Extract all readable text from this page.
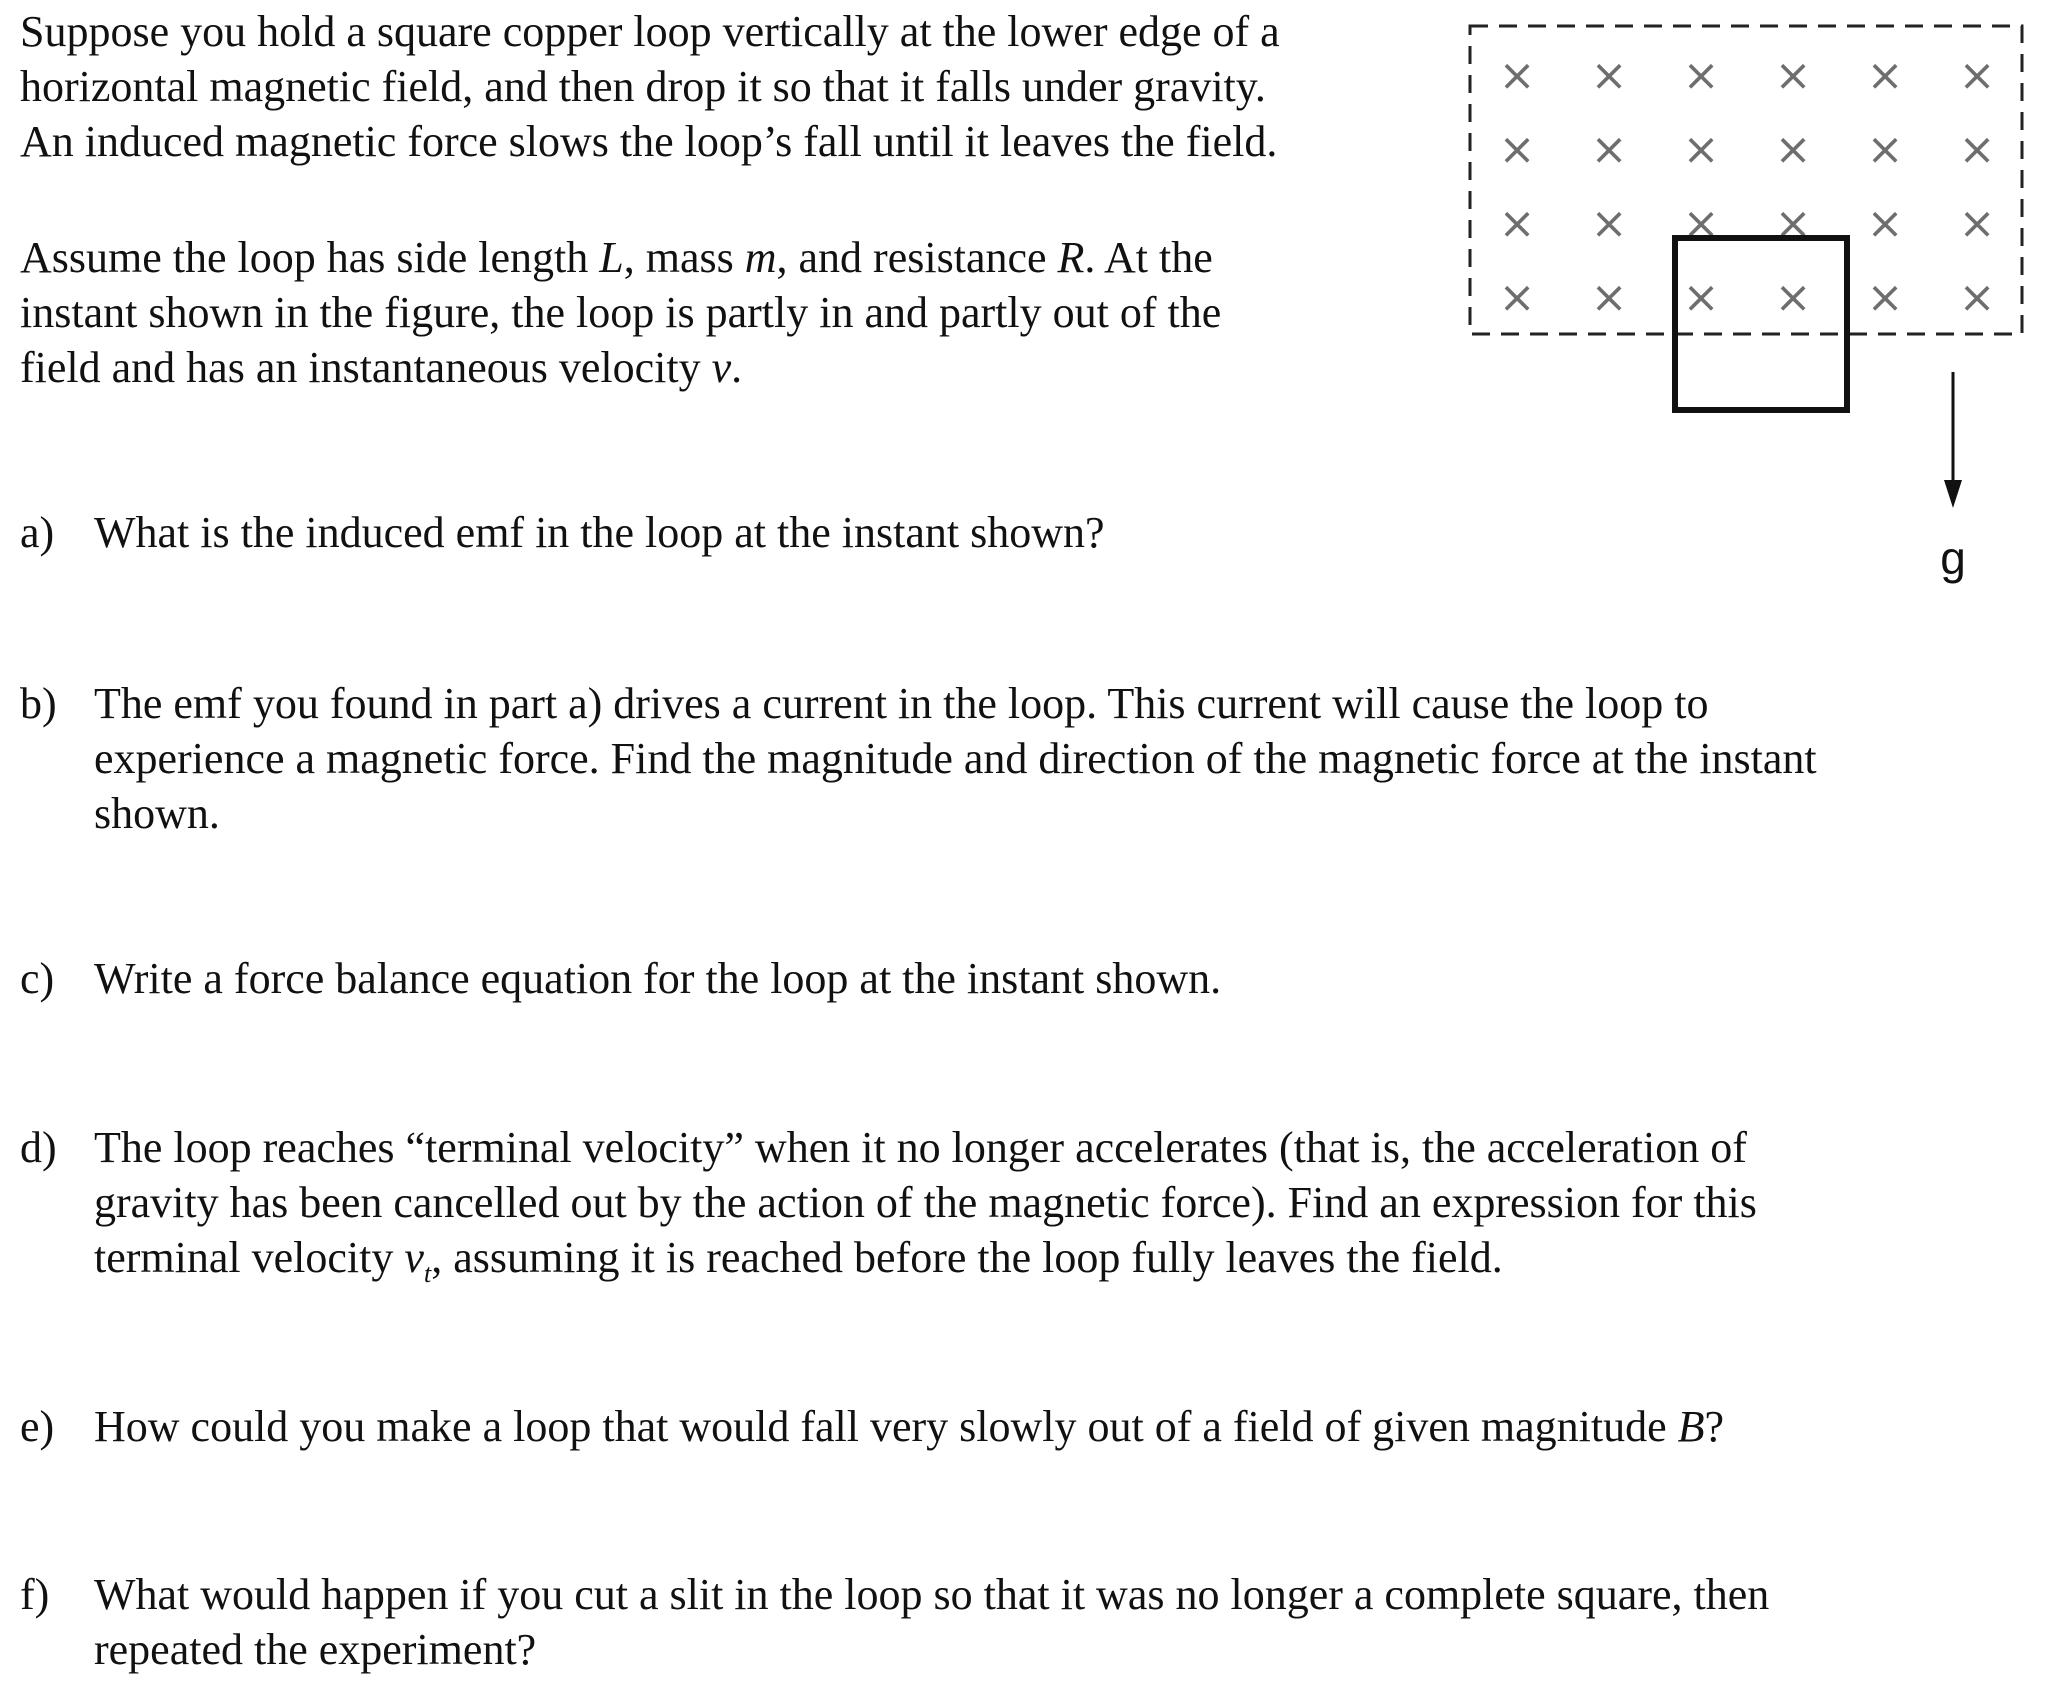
Suppose you hold a square copper loop vertically at the lower edge of a
horizontal magnetic field, and then drop it so that it falls under gravity.
An induced magnetic force slows the loop’s fall until it leaves the field.

Assume the loop has side length L, mass m, and resistance R. At the
instant shown in the figure, the loop is partly in and partly out of the
field and has an instantaneous velocity v.

a) What is the induced emf in the loop at the instant shown?
b) The emf you found in part a) drives a current in the loop. This current will cause the loop to
experience a magnetic force. Find the magnitude and direction of the magnetic force at the instant
shown.
c) Write a force balance equation for the loop at the instant shown.
d) The loop reaches “terminal velocity” when it no longer accelerates (that is, the acceleration of
gravity has been cancelled out by the action of the magnetic force). Find an expression for this
terminal velocity $v_t$, assuming it is reached before the loop fully leaves the field.
e) How could you make a loop that would fall very slowly out of a field of given magnitude B?
f) What would happen if you cut a slit in the loop so that it was no longer a complete square, then
repeated the experiment?
× × × × × ×
× × × × × ×
× × × × × ×
× × × × × ×
g
